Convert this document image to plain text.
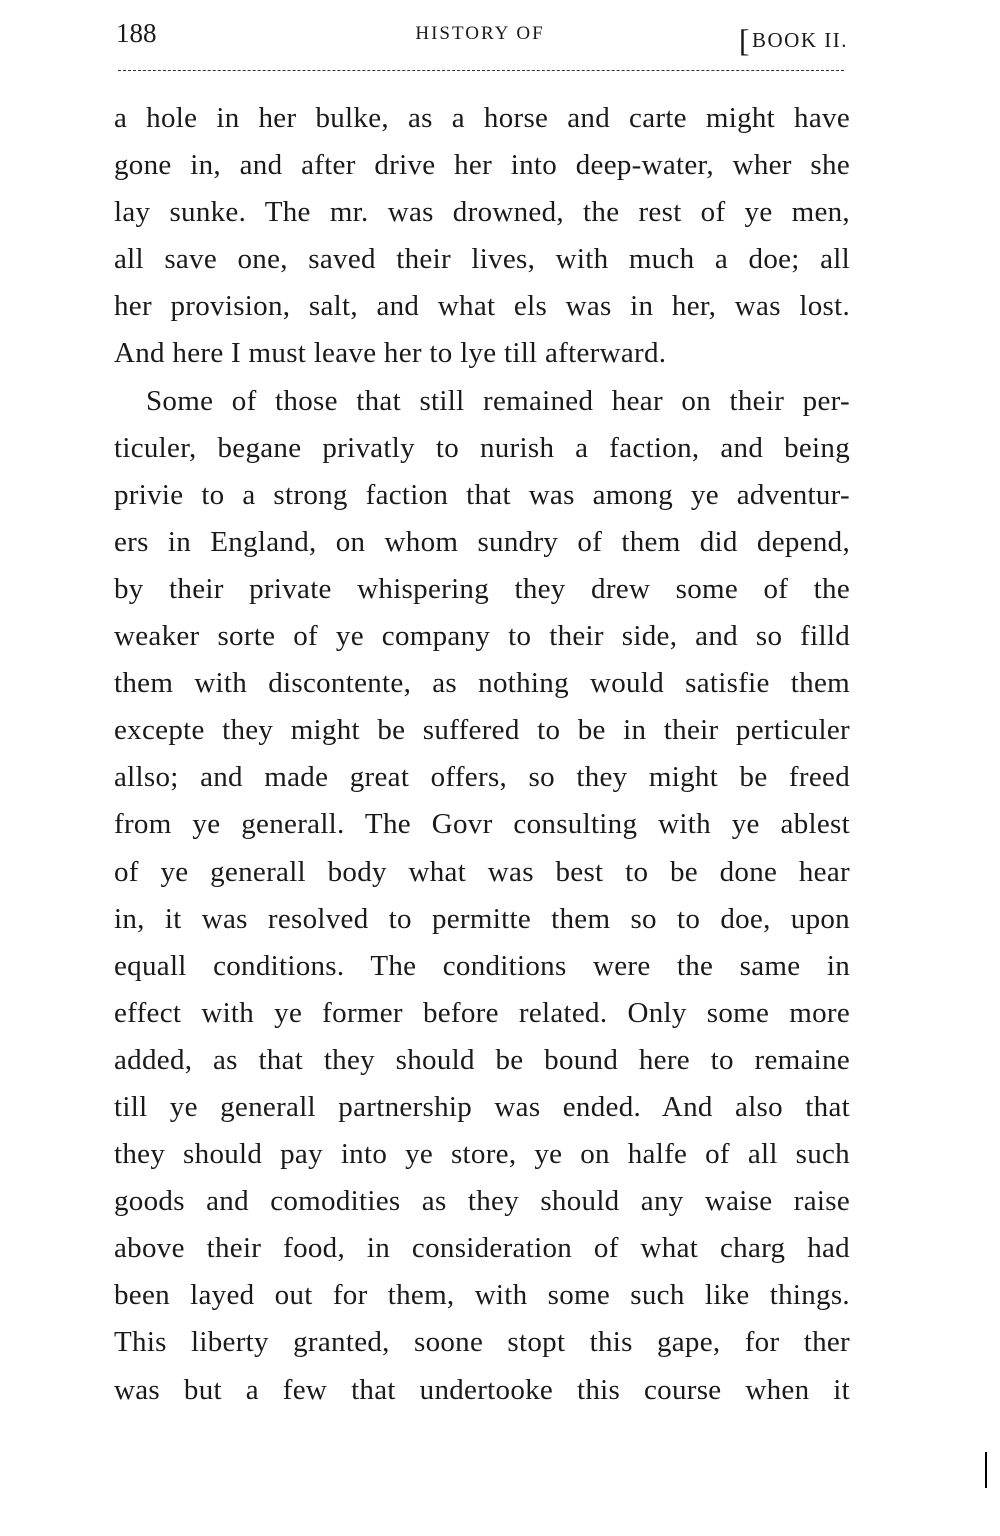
188	HISTORY OF	[BOOK II.
a hole in her bulke, as a horse and carte might have
gone in, and after drive her into deep-water, wher she
lay sunke. The mr. was drowned, the rest of ye men,
all save one, saved their lives, with much a doe; all
her provision, salt, and what els was in her, was lost.
And here I must leave her to lye till afterward.
Some of those that still remained hear on their per-
ticuler, begane privatly to nurish a faction, and being
privie to a strong faction that was among ye adventur-
ers in England, on whom sundry of them did depend,
by their private whispering they drew some of the
weaker sorte of ye company to their side, and so filld
them with discontente, as nothing would satisfie them
excepte they might be suffered to be in their perticuler
allso; and made great offers, so they might be freed
from ye generall. The Govr consulting with ye ablest
of ye generall body what was best to be done hear
in, it was resolved to permitte them so to doe, upon
equall conditions. The conditions were the same in
effect with ye former before related. Only some more
added, as that they should be bound here to remaine
till ye generall partnership was ended. And also that
they should pay into ye store, ye on halfe of all such
goods and comodities as they should any waise raise
above their food, in consideration of what charg had
been layed out for them, with some such like things.
This liberty granted, soone stopt this gape, for ther
was but a few that undertooke this course when it
